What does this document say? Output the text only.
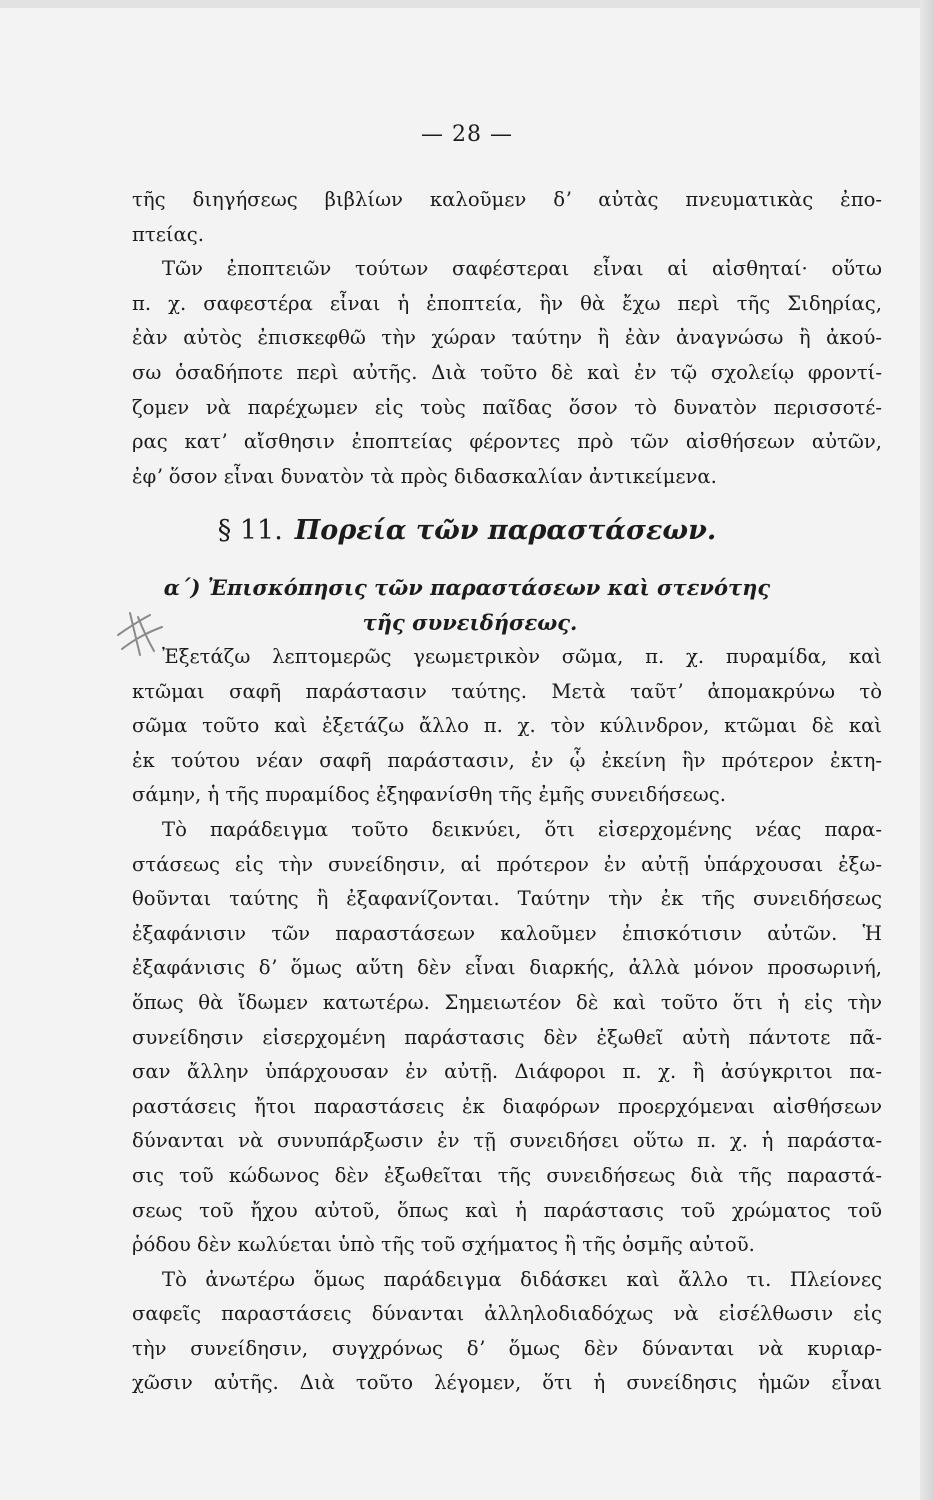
— 28 —
τῆς διηγήσεως βιβλίων καλοῦμεν δʼ αὐτὰς πνευματικὰς ἐπο-
πτείας.
Τῶν ἐποπτειῶν τούτων σαφέστεραι εἶναι αἱ αἰσθηταί· οὕτω
π. χ. σαφεστέρα εἶναι ἡ ἐποπτεία, ἣν θὰ ἔχω περὶ τῆς Σιδηρίας,
ἐὰν αὐτὸς ἐπισκεφθῶ τὴν χώραν ταύτην ἢ ἐὰν ἀναγνώσω ἢ ἀκού-
σω ὁσαδήποτε περὶ αὐτῆς. Διὰ τοῦτο δὲ καὶ ἐν τῷ σχολείῳ φροντί-
ζομεν νὰ παρέχωμεν εἰς τοὺς παῖδας ὅσον τὸ δυνατὸν περισσοτέ-
ρας κατʼ αἴσθησιν ἐποπτείας φέροντες πρὸ τῶν αἰσθήσεων αὐτῶν,
ἐφʼ ὅσον εἶναι δυνατὸν τὰ πρὸς διδασκαλίαν ἀντικείμενα.
§ 11. Πορεία τῶν παραστάσεων.
α΄) Ἐπισκόπησις τῶν παραστάσεων καὶ στενότης
τῆς συνειδήσεως.
Ἐξετάζω λεπτομερῶς γεωμετρικὸν σῶμα, π. χ. πυραμίδα, καὶ
κτῶμαι σαφῆ παράστασιν ταύτης. Μετὰ ταῦτʼ ἀπομακρύνω τὸ
σῶμα τοῦτο καὶ ἐξετάζω ἄλλο π. χ. τὸν κύλινδρον, κτῶμαι δὲ καὶ
ἐκ τούτου νέαν σαφῆ παράστασιν, ἐν ᾧ ἐκείνη ἣν πρότερον ἐκτη-
σάμην, ἡ τῆς πυραμίδος ἐξηφανίσθη τῆς ἐμῆς συνειδήσεως.
Τὸ παράδειγμα τοῦτο δεικνύει, ὅτι εἰσερχομένης νέας παρα-
στάσεως εἰς τὴν συνείδησιν, αἱ πρότερον ἐν αὐτῇ ὑπάρχουσαι ἐξω-
θοῦνται ταύτης ἢ ἐξαφανίζονται. Ταύτην τὴν ἐκ τῆς συνειδήσεως
ἐξαφάνισιν τῶν παραστάσεων καλοῦμεν ἐπισκότισιν αὐτῶν. Ἡ
ἐξαφάνισις δʼ ὅμως αὕτη δὲν εἶναι διαρκής, ἀλλὰ μόνον προσωρινή,
ὅπως θὰ ἴδωμεν κατωτέρω. Σημειωτέον δὲ καὶ τοῦτο ὅτι ἡ εἰς τὴν
συνείδησιν εἰσερχομένη παράστασις δὲν ἐξωθεῖ αὐτὴ πάντοτε πᾶ-
σαν ἄλλην ὑπάρχουσαν ἐν αὐτῇ. Διάφοροι π. χ. ἢ ἀσύγκριτοι πα-
ραστάσεις ἤτοι παραστάσεις ἐκ διαφόρων προερχόμεναι αἰσθήσεων
δύνανται νὰ συνυπάρξωσιν ἐν τῇ συνειδήσει οὕτω π. χ. ἡ παράστα-
σις τοῦ κώδωνος δὲν ἐξωθεῖται τῆς συνειδήσεως διὰ τῆς παραστά-
σεως τοῦ ἤχου αὐτοῦ, ὅπως καὶ ἡ παράστασις τοῦ χρώματος τοῦ
ῥόδου δὲν κωλύεται ὑπὸ τῆς τοῦ σχήματος ἢ τῆς ὀσμῆς αὐτοῦ.
Τὸ ἀνωτέρω ὅμως παράδειγμα διδάσκει καὶ ἄλλο τι. Πλείονες
σαφεῖς παραστάσεις δύνανται ἀλληλοδιαδόχως νὰ εἰσέλθωσιν εἰς
τὴν συνείδησιν, συγχρόνως δʼ ὅμως δὲν δύνανται νὰ κυριαρ-
χῶσιν αὐτῆς. Διὰ τοῦτο λέγομεν, ὅτι ἡ συνείδησις ἡμῶν εἶναι
